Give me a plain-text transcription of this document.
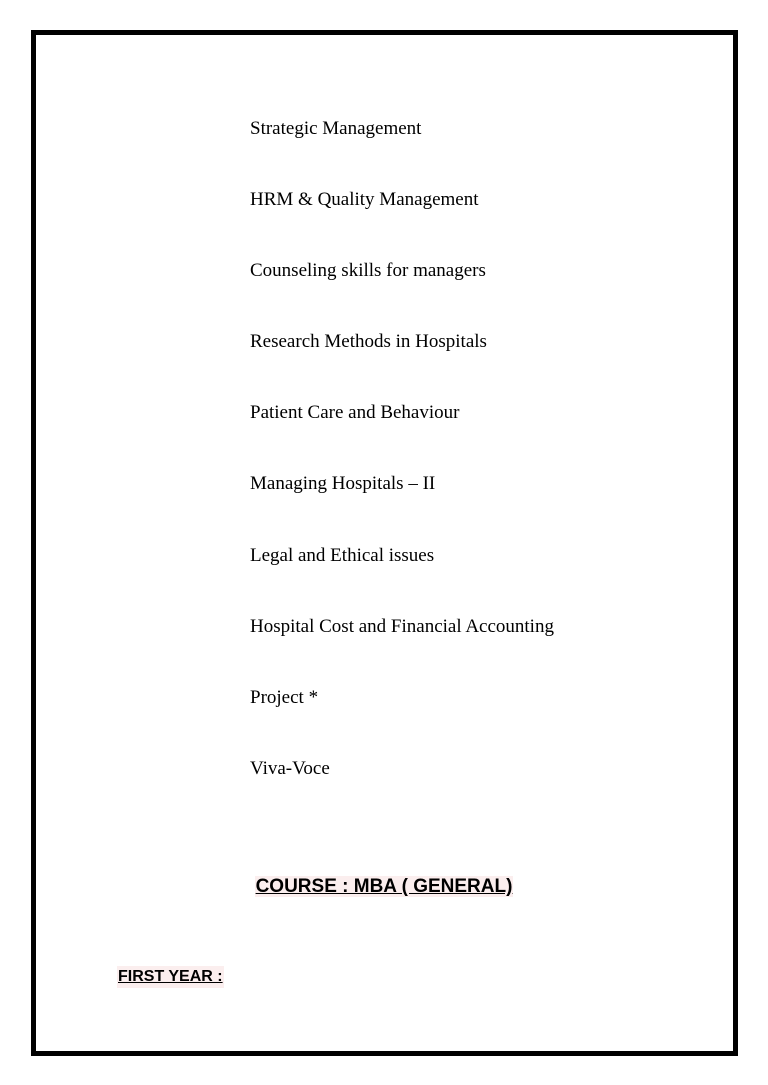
Strategic Management
HRM & Quality Management
Counseling skills for managers
Research Methods in Hospitals
Patient Care and Behaviour
Managing Hospitals – II
Legal and Ethical issues
Hospital Cost and Financial Accounting
Project *
Viva-Voce
COURSE : MBA ( GENERAL)
FIRST YEAR :
